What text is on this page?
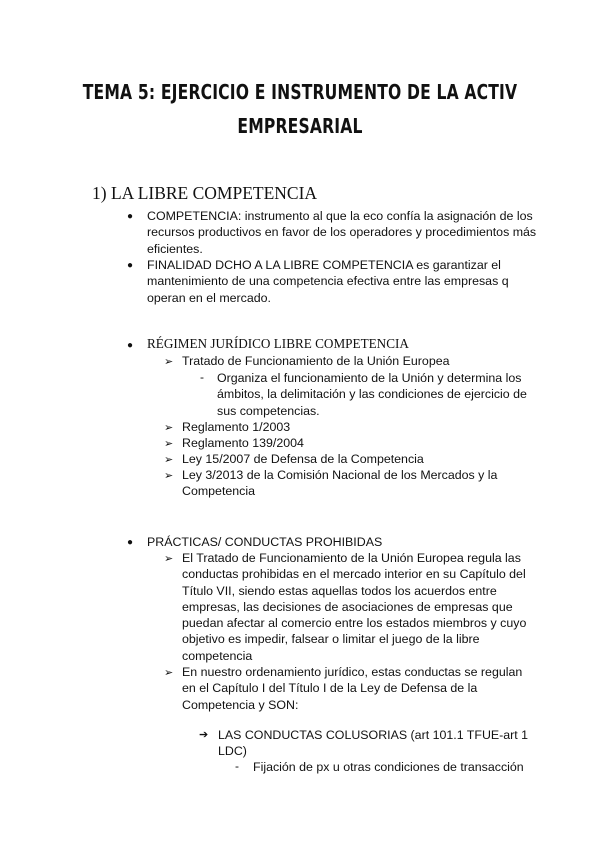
TEMA 5: EJERCICIO E INSTRUMENTO DE LA ACTIV
EMPRESARIAL
1) LA LIBRE COMPETENCIA
● COMPETENCIA: instrumento al que la eco confía la asignación de los
recursos productivos en favor de los operadores y procedimientos más
eficientes.
● FINALIDAD DCHO A LA LIBRE COMPETENCIA es garantizar el
mantenimiento de una competencia efectiva entre las empresas q
operan en el mercado.
● RÉGIMEN JURÍDICO LIBRE COMPETENCIA
➢ Tratado de Funcionamiento de la Unión Europea
- Organiza el funcionamiento de la Unión y determina los
ámbitos, la delimitación y las condiciones de ejercicio de
sus competencias.
➢ Reglamento 1/2003
➢ Reglamento 139/2004
➢ Ley 15/2007 de Defensa de la Competencia
➢ Ley 3/2013 de la Comisión Nacional de los Mercados y la
Competencia
● PRÁCTICAS/ CONDUCTAS PROHIBIDAS
➢ El Tratado de Funcionamiento de la Unión Europea regula las
conductas prohibidas en el mercado interior en su Capítulo del
Título VII, siendo estas aquellas todos los acuerdos entre
empresas, las decisiones de asociaciones de empresas que
puedan afectar al comercio entre los estados miembros y cuyo
objetivo es impedir, falsear o limitar el juego de la libre
competencia
➢ En nuestro ordenamiento jurídico, estas conductas se regulan
en el Capítulo I del Título I de la Ley de Defensa de la
Competencia y SON:
➔ LAS CONDUCTAS COLUSORIAS (art 101.1 TFUE-art 1
LDC)
- Fijación de px u otras condiciones de transacción
